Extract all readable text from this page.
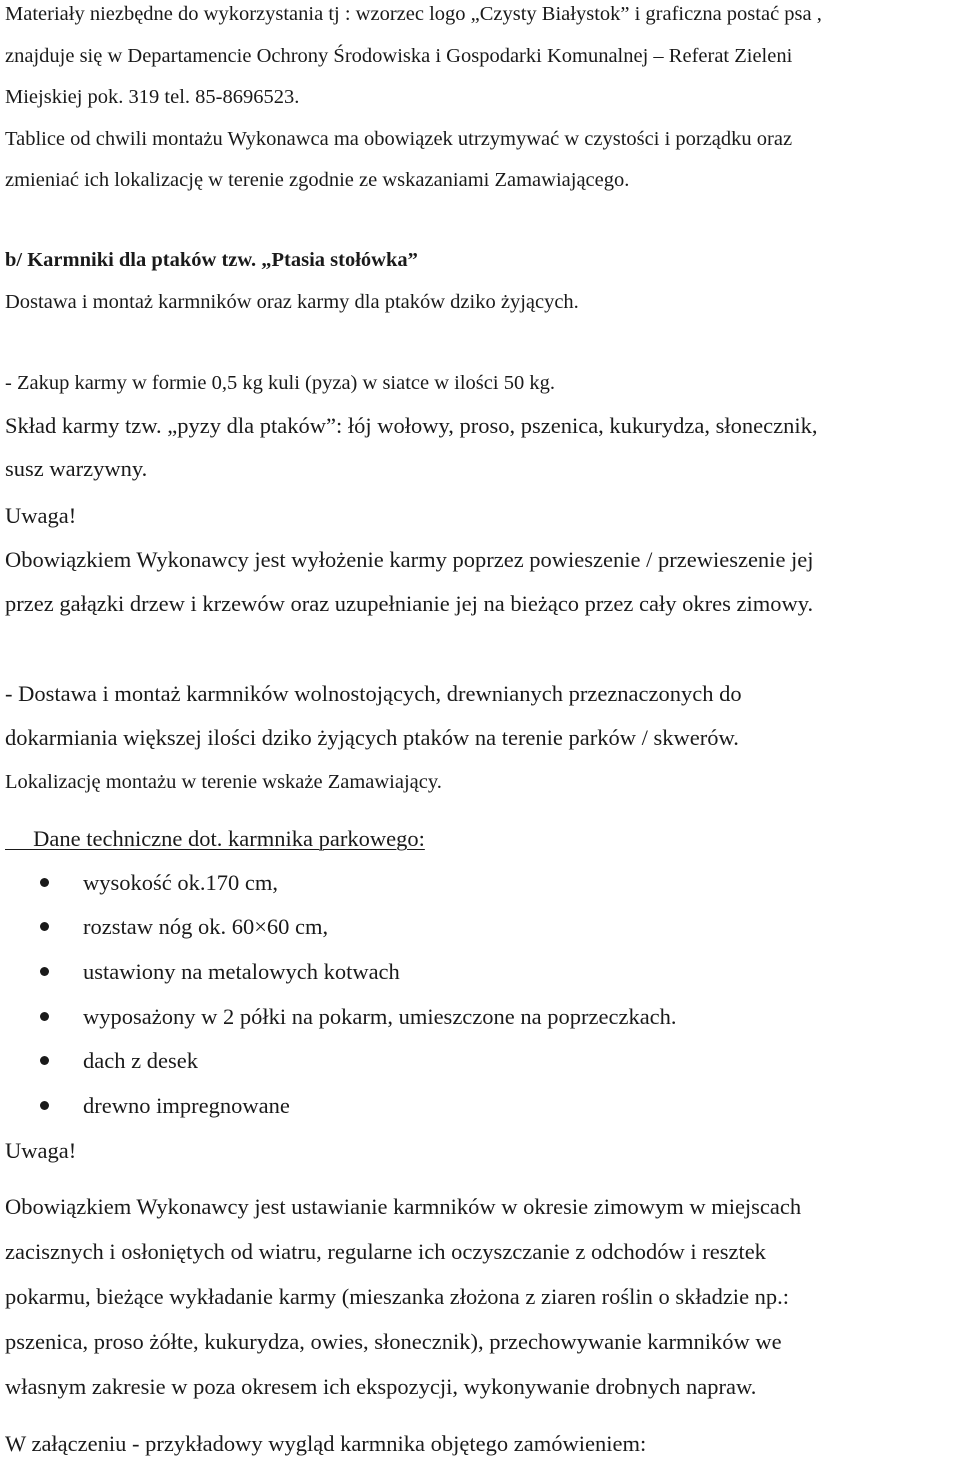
Materiały niezbędne do wykorzystania tj : wzorzec logo „Czysty Białystok” i graficzna postać psa ,
znajduje się w Departamencie Ochrony Środowiska i Gospodarki Komunalnej – Referat Zieleni
Miejskiej pok. 319 tel. 85-8696523.
Tablice od chwili montażu Wykonawca ma obowiązek utrzymywać w czystości i porządku oraz
zmieniać ich lokalizację w terenie zgodnie ze wskazaniami Zamawiającego.
b/ Karmniki dla ptaków tzw. „Ptasia stołówka”
Dostawa i montaż karmników oraz karmy dla ptaków dziko żyjących.
- Zakup karmy w formie 0,5 kg kuli (pyza) w siatce w ilości 50 kg.
Skład karmy tzw. „pyzy dla ptaków”: łój wołowy, proso, pszenica, kukurydza, słonecznik,
susz warzywny.
Uwaga!
Obowiązkiem Wykonawcy jest wyłożenie karmy poprzez powieszenie / przewieszenie jej
przez gałązki drzew i krzewów oraz uzupełnianie jej na bieżąco przez cały okres zimowy.
- Dostawa i montaż karmników wolnostojących, drewnianych przeznaczonych do
dokarmiania większej ilości dziko żyjących ptaków na terenie parków / skwerów.
Lokalizację montażu w terenie wskaże Zamawiający.
Dane techniczne dot. karmnika parkowego:
wysokość ok.170 cm,
rozstaw nóg ok. 60×60 cm,
ustawiony na metalowych kotwach
wyposażony w 2 półki na pokarm, umieszczone na poprzeczkach.
dach z desek
drewno impregnowane
Uwaga!
Obowiązkiem Wykonawcy jest ustawianie karmników w okresie zimowym w miejscach
zacisznych i osłoniętych od wiatru, regularne ich oczyszczanie z odchodów i resztek
pokarmu, bieżące wykładanie karmy (mieszanka złożona z ziaren roślin o składzie np.:
pszenica, proso żółte, kukurydza, owies, słonecznik), przechowywanie karmników we
własnym zakresie w poza okresem ich ekspozycji, wykonywanie drobnych napraw.
W załączeniu - przykładowy wygląd karmnika objętego zamówieniem:
